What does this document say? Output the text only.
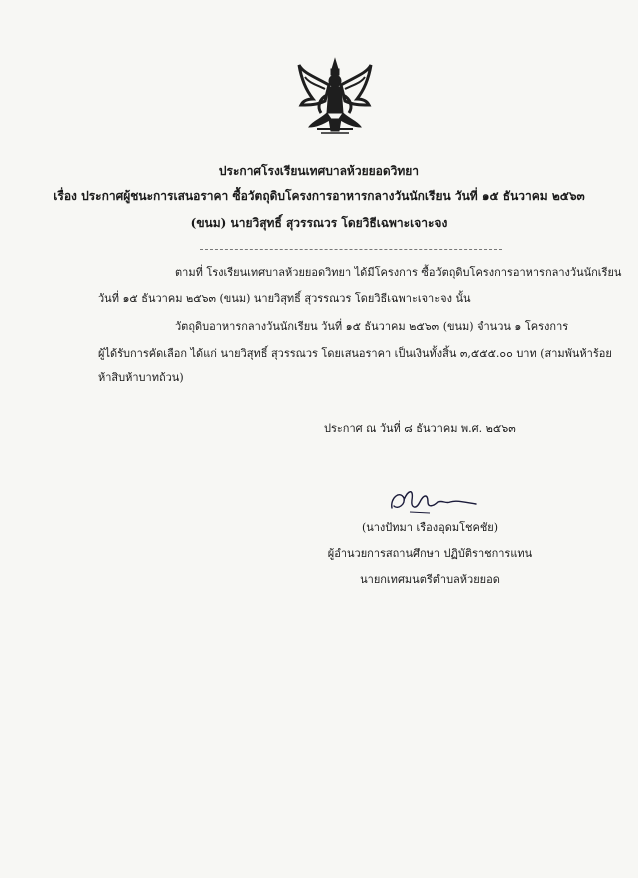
ประกาศโรงเรียนเทศบาลห้วยยอดวิทยา
เรื่อง ประกาศผู้ชนะการเสนอราคา ซื้อวัตถุดิบโครงการอาหารกลางวันนักเรียน วันที่ ๑๕ ธันวาคม ๒๕๖๓
(ขนม) นายวิสุทธิ์ สุวรรณวร โดยวิธีเฉพาะเจาะจง
ตามที่ โรงเรียนเทศบาลห้วยยอดวิทยา ได้มีโครงการ ซื้อวัตถุดิบโครงการอาหารกลางวันนักเรียน
วันที่ ๑๕ ธันวาคม ๒๕๖๓ (ขนม) นายวิสุทธิ์ สุวรรณวร โดยวิธีเฉพาะเจาะจง นั้น
วัตถุดิบอาหารกลางวันนักเรียน วันที่ ๑๕ ธันวาคม ๒๕๖๓ (ขนม) จำนวน ๑ โครงการ
ผู้ได้รับการคัดเลือก ได้แก่ นายวิสุทธิ์ สุวรรณวร โดยเสนอราคา เป็นเงินทั้งสิ้น ๓,๕๕๕.๐๐ บาท (สามพันห้าร้อย
ห้าสิบห้าบาทถ้วน)
ประกาศ ณ วันที่ ๘ ธันวาคม พ.ศ. ๒๕๖๓
(นางปัทมา เรืองอุดมโชคชัย)
ผู้อำนวยการสถานศึกษา ปฏิบัติราชการแทน
นายกเทศมนตรีตำบลห้วยยอด
